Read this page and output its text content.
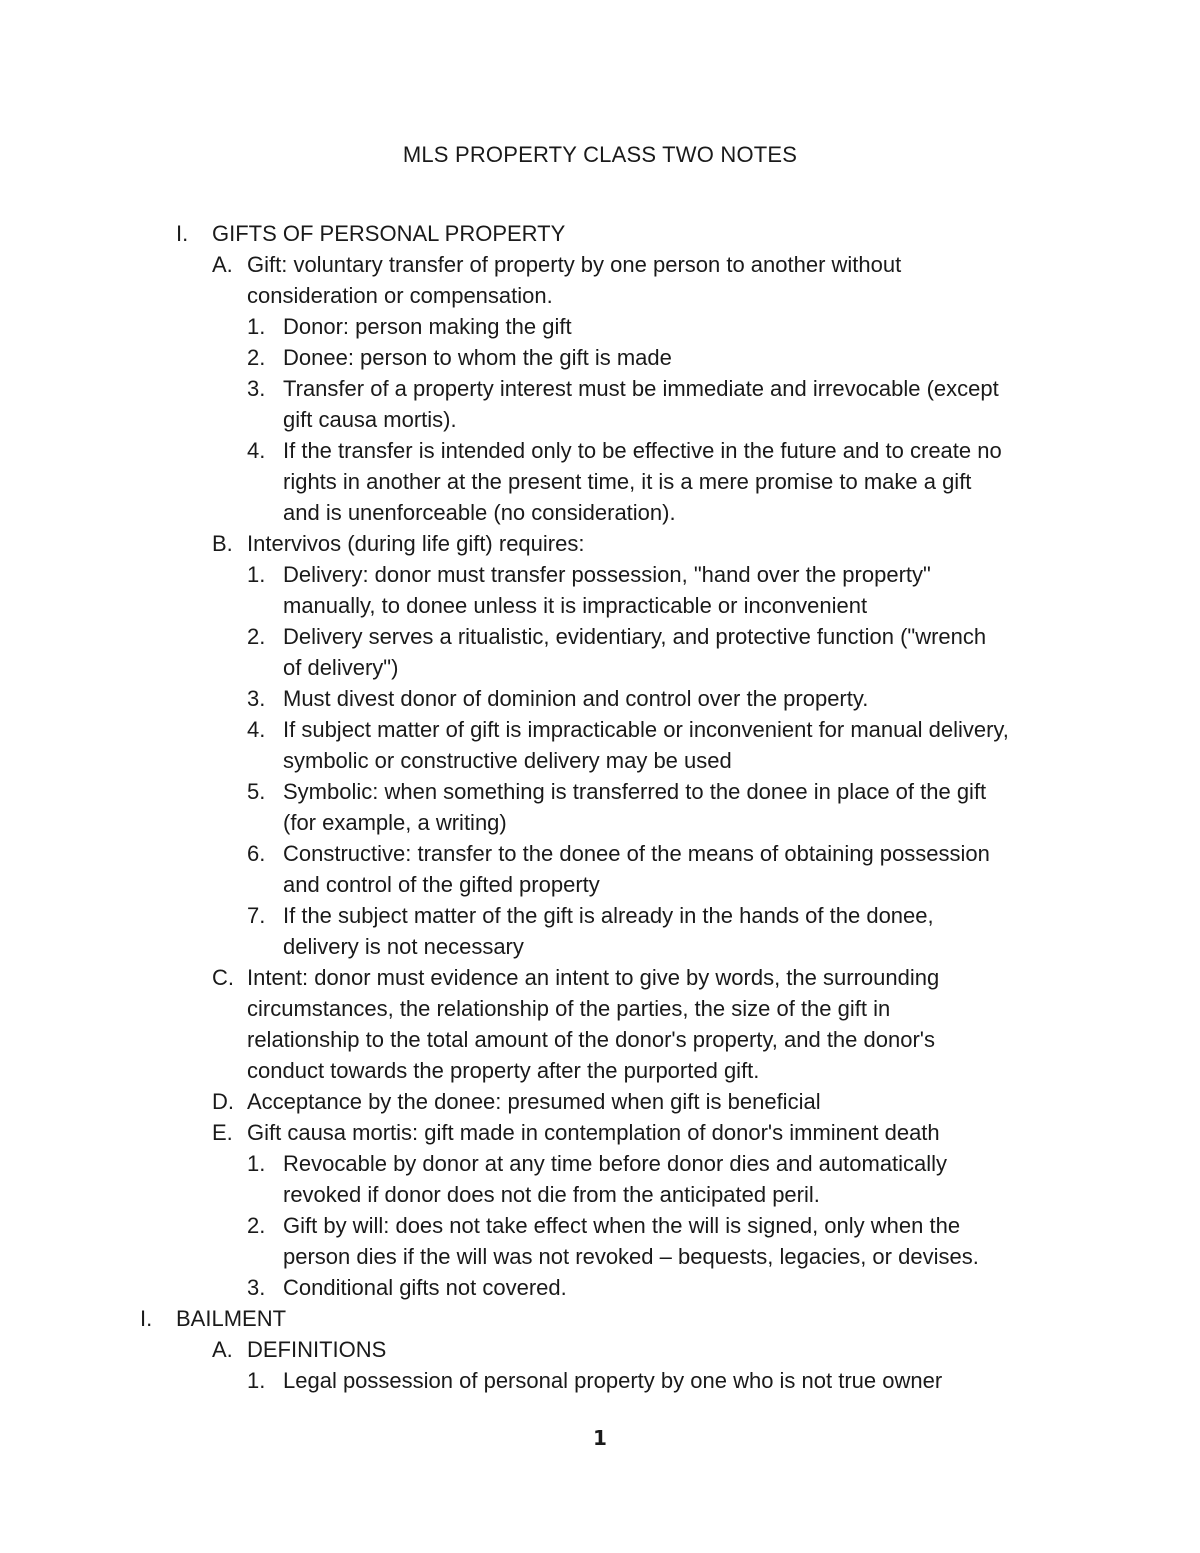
MLS PROPERTY CLASS TWO NOTES
I. GIFTS OF PERSONAL PROPERTY
A. Gift: voluntary transfer of property by one person to another without
consideration or compensation.
1. Donor: person making the gift
2. Donee: person to whom the gift is made
3. Transfer of a property interest must be immediate and irrevocable (except
gift causa mortis).
4. If the transfer is intended only to be effective in the future and to create no
rights in another at the present time, it is a mere promise to make a gift
and is unenforceable (no consideration).
B. Intervivos (during life gift) requires:
1. Delivery: donor must transfer possession, "hand over the property"
manually, to donee unless it is impracticable or inconvenient
2. Delivery serves a ritualistic, evidentiary, and protective function ("wrench
of delivery")
3. Must divest donor of dominion and control over the property.
4. If subject matter of gift is impracticable or inconvenient for manual delivery,
symbolic or constructive delivery may be used
5. Symbolic: when something is transferred to the donee in place of the gift
(for example, a writing)
6. Constructive: transfer to the donee of the means of obtaining possession
and control of the gifted property
7. If the subject matter of the gift is already in the hands of the donee,
delivery is not necessary
C. Intent: donor must evidence an intent to give by words, the surrounding
circumstances, the relationship of the parties, the size of the gift in
relationship to the total amount of the donor's property, and the donor's
conduct towards the property after the purported gift.
D. Acceptance by the donee: presumed when gift is beneficial
E. Gift causa mortis: gift made in contemplation of donor's imminent death
1. Revocable by donor at any time before donor dies and automatically
revoked if donor does not die from the anticipated peril.
2. Gift by will: does not take effect when the will is signed, only when the
person dies if the will was not revoked – bequests, legacies, or devises.
3. Conditional gifts not covered.
I. BAILMENT
A. DEFINITIONS
1. Legal possession of personal property by one who is not true owner
1
